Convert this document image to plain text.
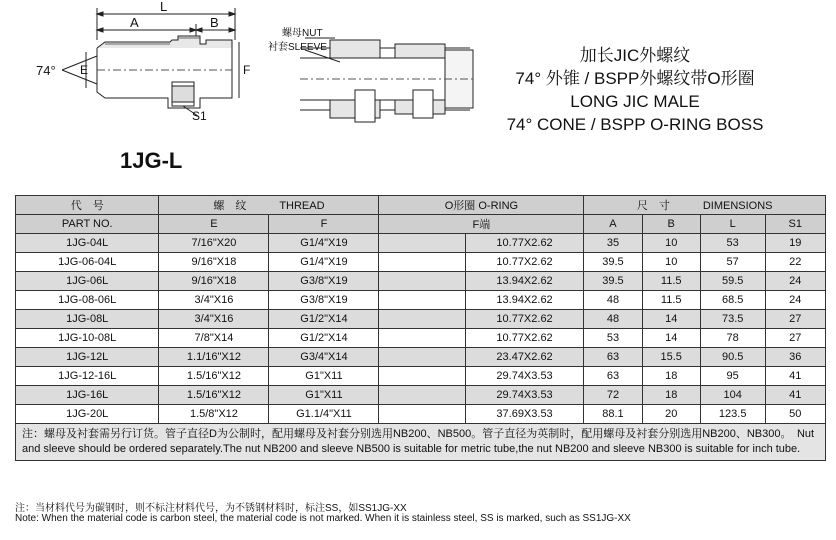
A	B
L
E	F
S1
74°
螺母NUT
衬套SLEEVE	加长JIC外螺纹
74° 外锥 / BSPP外螺纹带O形圈
LONG JIC MALE
74° CONE / BSPP O-RING BOSS
1JG-L
代　号	螺　纹　　　THREAD		O形圈 O-RING		尺　寸　　　DIMENSIONS			
PART NO.	E	F	F端		A	B	L	S1
1JG-04L	7/16"X20	G1/4"X19		10.77X2.62	35	10	53	19
1JG-06-04L	9/16"X18	G1/4"X19		10.77X2.62	39.5	10	57	22
1JG-06L	9/16"X18	G3/8"X19		13.94X2.62	39.5	11.5	59.5	24
1JG-08-06L	3/4"X16	G3/8"X19		13.94X2.62	48	11.5	68.5	24
1JG-08L	3/4"X16	G1/2"X14		10.77X2.62	48	14	73.5	27
1JG-10-08L	7/8"X14	G1/2"X14		10.77X2.62	53	14	78	27
1JG-12L	1.1/16"X12	G3/4"X14		23.47X2.62	63	15.5	90.5	36
1JG-12-16L	1.5/16"X12	G1"X11		29.74X3.53	63	18	95	41
1JG-16L	1.5/16"X12	G1"X11		29.74X3.53	72	18	104	41
1JG-20L	1.5/8"X12	G1.1/4"X11		37.69X3.53	88.1	20	123.5	50
注：螺母及衬套需另行订货。管子直径D为公制时，配用螺母及衬套分别选用NB200、NB500。管子直径为英制时，配用螺母及衬套分别选用NB200、NB300。　Nut and sleeve should be ordered separately.The nut NB200 and sleeve NB500 is suitable for metric tube,the nut NB200 and sleeve NB300 is suitable for inch tube.								
注：当材料代号为碳钢时，则不标注材料代号，为不锈钢材料时，标注SS，如SS1JG-XX
Note: When the material code is carbon steel, the material code is not marked. When it is stainless steel, SS is marked, such as SS1JG-XX
